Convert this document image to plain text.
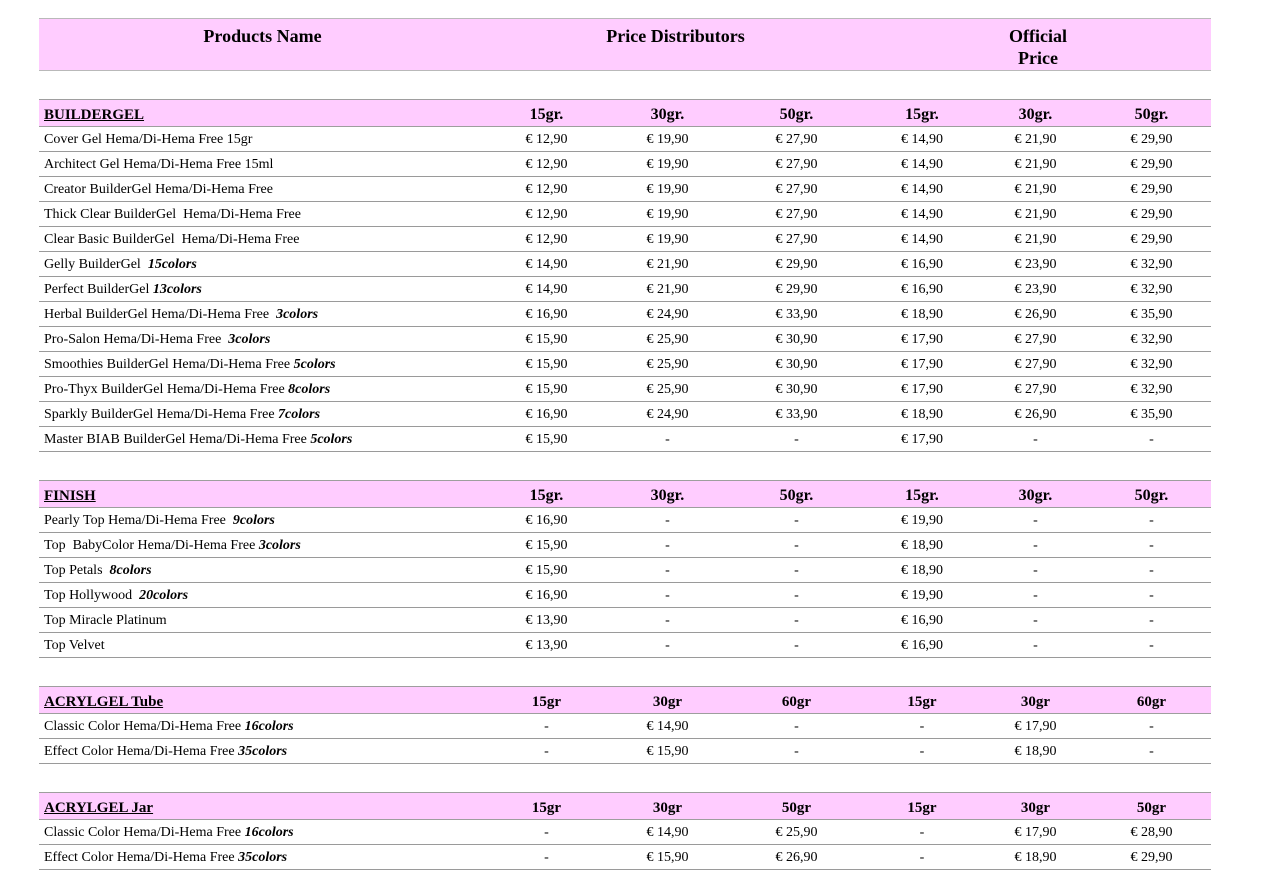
Products Name	Price Distributors			Official
Price		

BUILDERGEL	15gr.	30gr.	50gr.	15gr.	30gr.	50gr.
Cover Gel Hema/Di-Hema Free 15gr	€ 12,90	€ 19,90	€ 27,90	€ 14,90	€ 21,90	€ 29,90
Architect Gel Hema/Di-Hema Free 15ml	€ 12,90	€ 19,90	€ 27,90	€ 14,90	€ 21,90	€ 29,90
Creator BuilderGel Hema/Di-Hema Free	€ 12,90	€ 19,90	€ 27,90	€ 14,90	€ 21,90	€ 29,90
Thick Clear BuilderGel  Hema/Di-Hema Free	€ 12,90	€ 19,90	€ 27,90	€ 14,90	€ 21,90	€ 29,90
Clear Basic BuilderGel  Hema/Di-Hema Free	€ 12,90	€ 19,90	€ 27,90	€ 14,90	€ 21,90	€ 29,90
Gelly BuilderGel  15colors	€ 14,90	€ 21,90	€ 29,90	€ 16,90	€ 23,90	€ 32,90
Perfect BuilderGel 13colors	€ 14,90	€ 21,90	€ 29,90	€ 16,90	€ 23,90	€ 32,90
Herbal BuilderGel Hema/Di-Hema Free  3colors	€ 16,90	€ 24,90	€ 33,90	€ 18,90	€ 26,90	€ 35,90
Pro-Salon Hema/Di-Hema Free  3colors	€ 15,90	€ 25,90	€ 30,90	€ 17,90	€ 27,90	€ 32,90
Smoothies BuilderGel Hema/Di-Hema Free 5colors	€ 15,90	€ 25,90	€ 30,90	€ 17,90	€ 27,90	€ 32,90
Pro-Thyx BuilderGel Hema/Di-Hema Free 8colors	€ 15,90	€ 25,90	€ 30,90	€ 17,90	€ 27,90	€ 32,90
Sparkly BuilderGel Hema/Di-Hema Free 7colors	€ 16,90	€ 24,90	€ 33,90	€ 18,90	€ 26,90	€ 35,90
Master BIAB BuilderGel Hema/Di-Hema Free 5colors	€ 15,90	-	-	€ 17,90	-	-

FINISH	15gr.	30gr.	50gr.	15gr.	30gr.	50gr.
Pearly Top Hema/Di-Hema Free  9colors	€ 16,90	-	-	€ 19,90	-	-
Top  BabyColor Hema/Di-Hema Free 3colors	€ 15,90	-	-	€ 18,90	-	-
Top Petals  8colors	€ 15,90	-	-	€ 18,90	-	-
Top Hollywood  20colors	€ 16,90	-	-	€ 19,90	-	-
Top Miracle Platinum	€ 13,90	-	-	€ 16,90	-	-
Top Velvet	€ 13,90	-	-	€ 16,90	-	-

ACRYLGEL Tube	15gr	30gr	60gr	15gr	30gr	60gr
Classic Color Hema/Di-Hema Free 16colors	-	€ 14,90	-	-	€ 17,90	-
Effect Color Hema/Di-Hema Free 35colors	-	€ 15,90	-	-	€ 18,90	-

ACRYLGEL Jar	15gr	30gr	50gr	15gr	30gr	50gr
Classic Color Hema/Di-Hema Free 16colors	-	€ 14,90	€ 25,90	-	€ 17,90	€ 28,90
Effect Color Hema/Di-Hema Free 35colors	-	€ 15,90	€ 26,90	-	€ 18,90	€ 29,90
